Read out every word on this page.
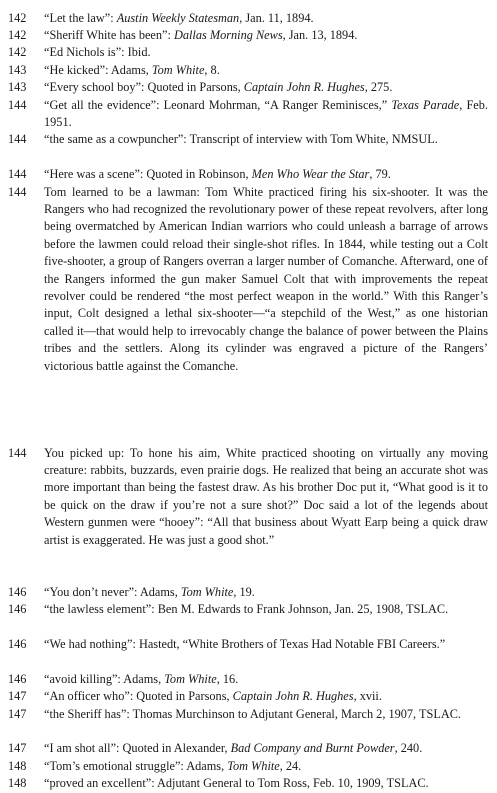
142 “Let the law”: Austin Weekly Statesman, Jan. 11, 1894.
142 “Sheriff White has been”: Dallas Morning News, Jan. 13, 1894.
142 “Ed Nichols is”: Ibid.
143 “He kicked”: Adams, Tom White, 8.
143 “Every school boy”: Quoted in Parsons, Captain John R. Hughes, 275.
144 “Get all the evidence”: Leonard Mohrman, “A Ranger Reminisces,” Texas Parade, Feb. 1951.
144 “the same as a cowpuncher”: Transcript of interview with Tom White, NMSUL.
144 “Here was a scene”: Quoted in Robinson, Men Who Wear the Star, 79.
144 Tom learned to be a lawman: Tom White practiced firing his six-shooter. It was the Rangers who had recognized the revolutionary power of these repeat revolvers, after long being overmatched by American Indian warriors who could unleash a barrage of arrows before the lawmen could reload their single-shot rifles. In 1844, while testing out a Colt five-shooter, a group of Rangers overran a larger number of Comanche. Afterward, one of the Rangers informed the gun maker Samuel Colt that with improvements the repeat revolver could be rendered “the most perfect weapon in the world.” With this Ranger’s input, Colt designed a lethal six-shooter—“a stepchild of the West,” as one historian called it—that would help to irrevocably change the balance of power between the Plains tribes and the settlers. Along its cylinder was engraved a picture of the Rangers’ victorious battle against the Comanche.
144 You picked up: To hone his aim, White practiced shooting on virtually any moving creature: rabbits, buzzards, even prairie dogs. He realized that being an accurate shot was more important than being the fastest draw. As his brother Doc put it, “What good is it to be quick on the draw if you’re not a sure shot?” Doc said a lot of the legends about Western gunmen were “hooey”: “All that business about Wyatt Earp being a quick draw artist is exaggerated. He was just a good shot.”
146 “You don’t never”: Adams, Tom White, 19.
146 “the lawless element”: Ben M. Edwards to Frank Johnson, Jan. 25, 1908, TSLAC.
146 “We had nothing”: Hastedt, “White Brothers of Texas Had Notable FBI Careers.”
146 “avoid killing”: Adams, Tom White, 16.
147 “An officer who”: Quoted in Parsons, Captain John R. Hughes, xvii.
147 “the Sheriff has”: Thomas Murchinson to Adjutant General, March 2, 1907, TSLAC.
147 “I am shot all”: Quoted in Alexander, Bad Company and Burnt Powder, 240.
148 “Tom’s emotional struggle”: Adams, Tom White, 24.
148 “proved an excellent”: Adjutant General to Tom Ross, Feb. 10, 1909, TSLAC.
